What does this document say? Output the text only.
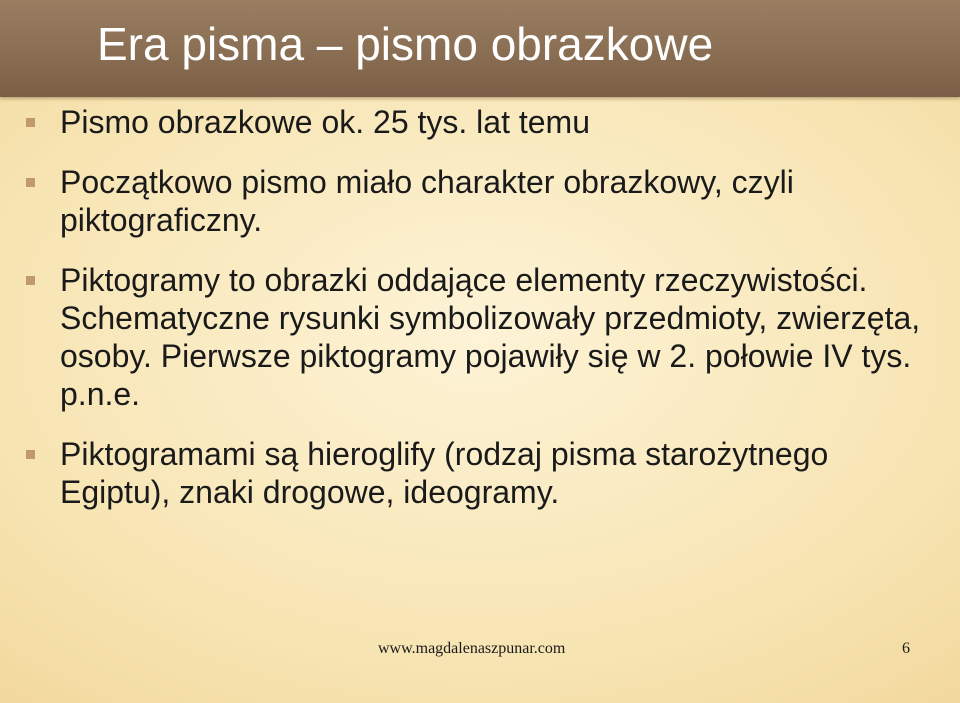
Era pisma – pismo obrazkowe
Pismo obrazkowe ok. 25 tys. lat temu
Początkowo pismo miało charakter obrazkowy, czyli piktograficzny.
Piktogramy to obrazki oddające elementy rzeczywistości. Schematyczne rysunki symbolizowały przedmioty, zwierzęta, osoby. Pierwsze piktogramy pojawiły się w 2. połowie IV tys. p.n.e.
Piktogramami są hieroglify (rodzaj pisma starożytnego Egiptu), znaki drogowe, ideogramy.
www.magdalenaszpunar.com	6
